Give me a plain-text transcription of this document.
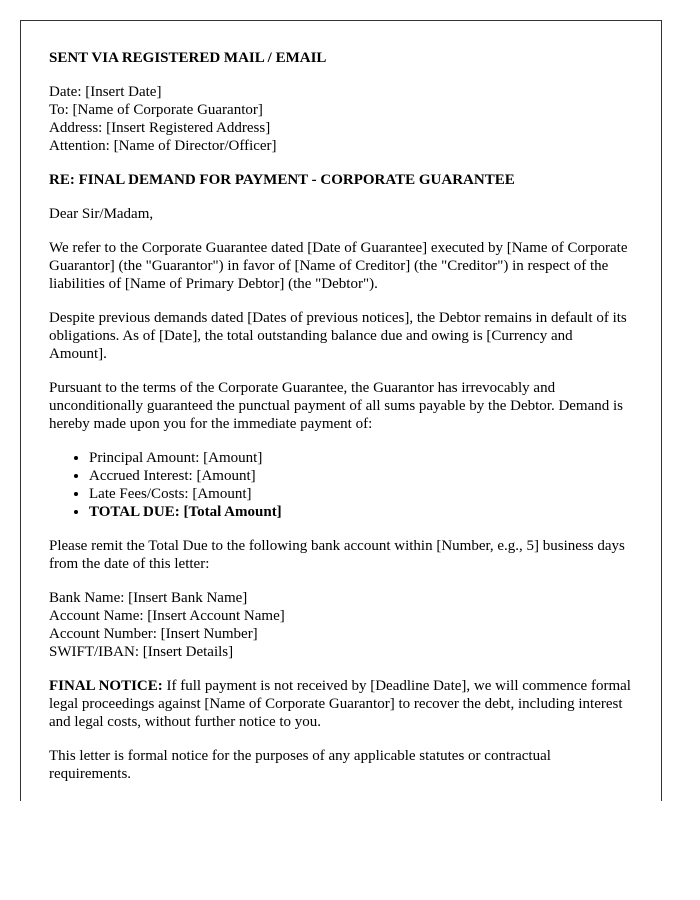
SENT VIA REGISTERED MAIL / EMAIL

Date: [Insert Date]
To: [Name of Corporate Guarantor]
Address: [Insert Registered Address]
Attention: [Name of Director/Officer]

RE: FINAL DEMAND FOR PAYMENT - CORPORATE GUARANTEE

Dear Sir/Madam,

We refer to the Corporate Guarantee dated [Date of Guarantee] executed by [Name of Corporate Guarantor] (the "Guarantor") in favor of [Name of Creditor] (the "Creditor") in respect of the liabilities of [Name of Primary Debtor] (the "Debtor").

Despite previous demands dated [Dates of previous notices], the Debtor remains in default of its obligations. As of [Date], the total outstanding balance due and owing is [Currency and Amount].

Pursuant to the terms of the Corporate Guarantee, the Guarantor has irrevocably and unconditionally guaranteed the punctual payment of all sums payable by the Debtor. Demand is hereby made upon you for the immediate payment of:

• Principal Amount: [Amount]
• Accrued Interest: [Amount]
• Late Fees/Costs: [Amount]
• TOTAL DUE: [Total Amount]

Please remit the Total Due to the following bank account within [Number, e.g., 5] business days from the date of this letter:

Bank Name: [Insert Bank Name]
Account Name: [Insert Account Name]
Account Number: [Insert Number]
SWIFT/IBAN: [Insert Details]

FINAL NOTICE: If full payment is not received by [Deadline Date], we will commence formal legal proceedings against [Name of Corporate Guarantor] to recover the debt, including interest and legal costs, without further notice to you.

This letter is formal notice for the purposes of any applicable statutes or contractual requirements.
